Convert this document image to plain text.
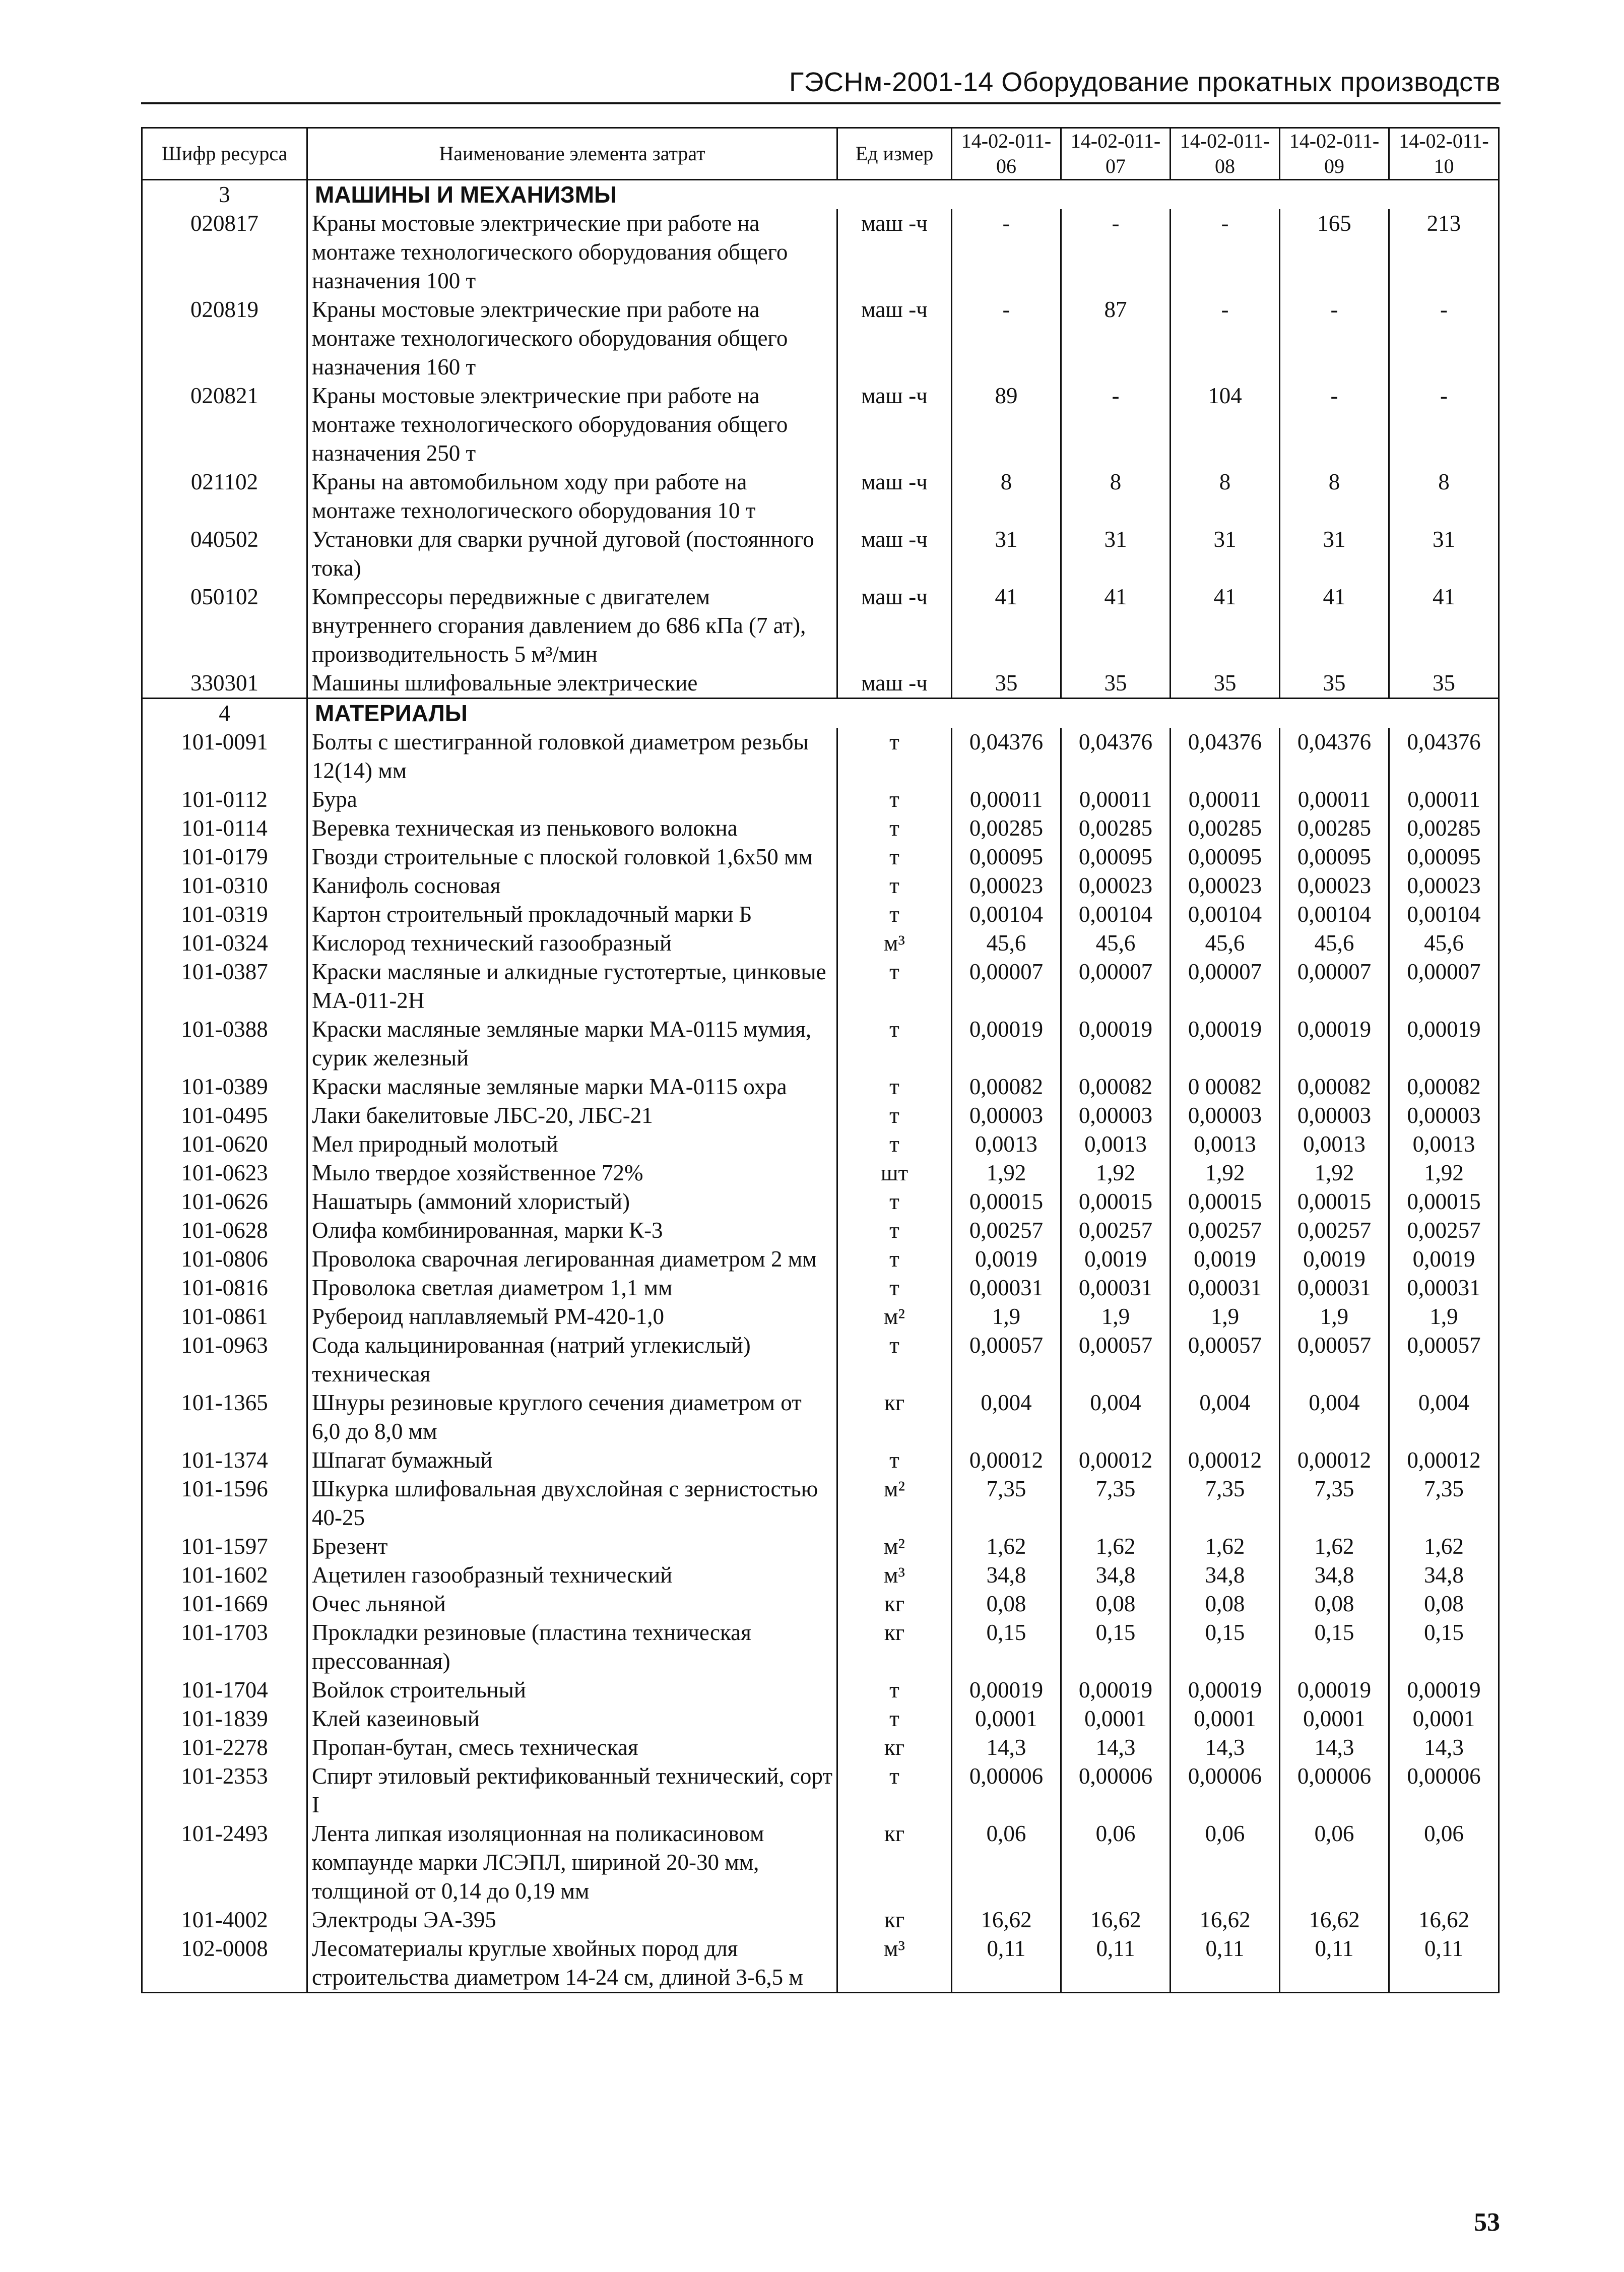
ГЭСНм-2001-14 Оборудование прокатных производств
Шифр ресурса	Наименование элемента затрат	Ед измер	14-02-011-06	14-02-011-07	14-02-011-08	14-02-011-09	14-02-011-10
3	МАШИНЫ И МЕХАНИЗМЫ						
020817	Краны мостовые электрические при работе на монтаже технологического оборудования общего назначения 100 т	маш -ч	-	-	-	165	213
020819	Краны мостовые электрические при работе на монтаже технологического оборудования общего назначения 160 т	маш -ч	-	87	-	-	-
020821	Краны мостовые электрические при работе на монтаже технологического оборудования общего назначения 250 т	маш -ч	89	-	104	-	-
021102	Краны на автомобильном ходу при работе на монтаже технологического оборудования 10 т	маш -ч	8	8	8	8	8
040502	Установки для сварки ручной дуговой (постоянного тока)	маш -ч	31	31	31	31	31
050102	Компрессоры передвижные с двигателем внутреннего сгорания давлением до 686 кПа (7 ат), производительность 5 м³/мин	маш -ч	41	41	41	41	41
330301	Машины шлифовальные электрические	маш -ч	35	35	35	35	35
4	МАТЕРИАЛЫ						
101-0091	Болты с шестигранной головкой диаметром резьбы 12(14) мм	т	0,04376	0,04376	0,04376	0,04376	0,04376
101-0112	Бура	т	0,00011	0,00011	0,00011	0,00011	0,00011
101-0114	Веревка техническая из пенькового волокна	т	0,00285	0,00285	0,00285	0,00285	0,00285
101-0179	Гвозди строительные с плоской головкой 1,6х50 мм	т	0,00095	0,00095	0,00095	0,00095	0,00095
101-0310	Канифоль сосновая	т	0,00023	0,00023	0,00023	0,00023	0,00023
101-0319	Картон строительный прокладочный марки Б	т	0,00104	0,00104	0,00104	0,00104	0,00104
101-0324	Кислород технический газообразный	м³	45,6	45,6	45,6	45,6	45,6
101-0387	Краски масляные и алкидные густотертые, цинковые МА-011-2Н	т	0,00007	0,00007	0,00007	0,00007	0,00007
101-0388	Краски масляные земляные марки МА-0115 мумия, сурик железный	т	0,00019	0,00019	0,00019	0,00019	0,00019
101-0389	Краски масляные земляные марки МА-0115 охра	т	0,00082	0,00082	0 00082	0,00082	0,00082
101-0495	Лаки бакелитовые ЛБС-20, ЛБС-21	т	0,00003	0,00003	0,00003	0,00003	0,00003
101-0620	Мел природный молотый	т	0,0013	0,0013	0,0013	0,0013	0,0013
101-0623	Мыло твердое хозяйственное 72%	шт	1,92	1,92	1,92	1,92	1,92
101-0626	Нашатырь (аммоний хлористый)	т	0,00015	0,00015	0,00015	0,00015	0,00015
101-0628	Олифа комбинированная, марки К-3	т	0,00257	0,00257	0,00257	0,00257	0,00257
101-0806	Проволока сварочная легированная диаметром 2 мм	т	0,0019	0,0019	0,0019	0,0019	0,0019
101-0816	Проволока светлая диаметром 1,1 мм	т	0,00031	0,00031	0,00031	0,00031	0,00031
101-0861	Рубероид наплавляемый РМ-420-1,0	м²	1,9	1,9	1,9	1,9	1,9
101-0963	Сода кальцинированная (натрий углекислый) техническая	т	0,00057	0,00057	0,00057	0,00057	0,00057
101-1365	Шнуры резиновые круглого сечения диаметром от 6,0 до 8,0 мм	кг	0,004	0,004	0,004	0,004	0,004
101-1374	Шпагат бумажный	т	0,00012	0,00012	0,00012	0,00012	0,00012
101-1596	Шкурка шлифовальная двухслойная с зернистостью 40-25	м²	7,35	7,35	7,35	7,35	7,35
101-1597	Брезент	м²	1,62	1,62	1,62	1,62	1,62
101-1602	Ацетилен газообразный технический	м³	34,8	34,8	34,8	34,8	34,8
101-1669	Очес льняной	кг	0,08	0,08	0,08	0,08	0,08
101-1703	Прокладки резиновые (пластина техническая прессованная)	кг	0,15	0,15	0,15	0,15	0,15
101-1704	Войлок строительный	т	0,00019	0,00019	0,00019	0,00019	0,00019
101-1839	Клей казеиновый	т	0,0001	0,0001	0,0001	0,0001	0,0001
101-2278	Пропан-бутан, смесь техническая	кг	14,3	14,3	14,3	14,3	14,3
101-2353	Спирт этиловый ректификованный технический, сорт I	т	0,00006	0,00006	0,00006	0,00006	0,00006
101-2493	Лента липкая изоляционная на поликасиновом компаунде марки ЛСЭПЛ, шириной 20-30 мм, толщиной от 0,14 до 0,19 мм	кг	0,06	0,06	0,06	0,06	0,06
101-4002	Электроды ЭА-395	кг	16,62	16,62	16,62	16,62	16,62
102-0008	Лесоматериалы круглые хвойных пород для строительства диаметром 14-24 см, длиной 3-6,5 м	м³	0,11	0,11	0,11	0,11	0,11
53
